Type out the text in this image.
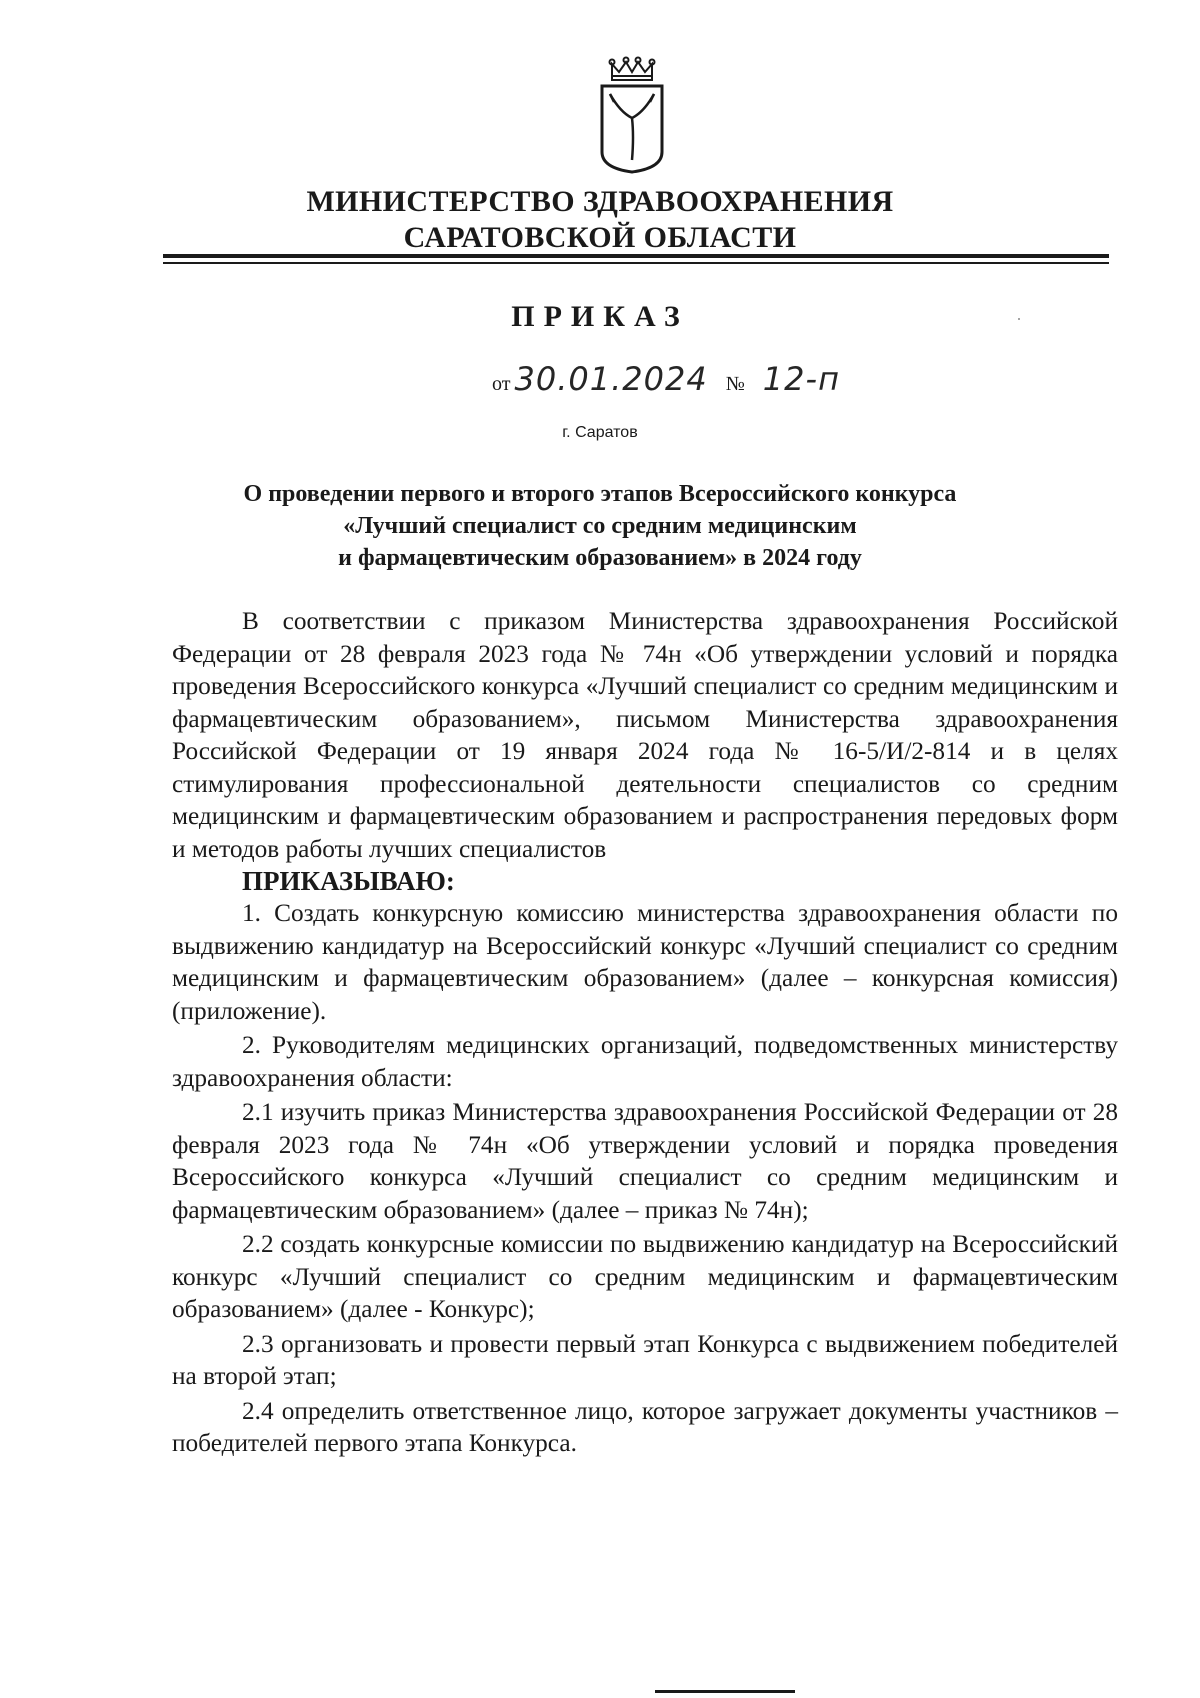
МИНИСТЕРСТВО ЗДРАВООХРАНЕНИЯ
САРАТОВСКОЙ ОБЛАСТИ
ПРИКАЗ
от 30.01.2024 № 12-п
г. Саратов
О проведении первого и второго этапов Всероссийского конкурса
«Лучший специалист со средним медицинским
и фармацевтическим образованием» в 2024 году

В соответствии с приказом Министерства здравоохранения Российской Федерации от 28 февраля 2023 года № 74н «Об утверждении условий и порядка проведения Всероссийского конкурса «Лучший специалист со средним медицинским и фармацевтическим образованием», письмом Министерства здравоохранения Российской Федерации от 19 января 2024 года № 16-5/И/2-814 и в целях стимулирования профессиональной деятельности специалистов со средним медицинским и фармацевтическим образованием и распространения передовых форм и методов работы лучших специалистов

ПРИКАЗЫВАЮ:

1. Создать конкурсную комиссию министерства здравоохранения области по выдвижению кандидатур на Всероссийский конкурс «Лучший специалист со средним медицинским и фармацевтическим образованием» (далее – конкурсная комиссия) (приложение).

2. Руководителям медицинских организаций, подведомственных министерству здравоохранения области:

2.1 изучить приказ Министерства здравоохранения Российской Федерации от 28 февраля 2023 года № 74н «Об утверждении условий и порядка проведения Всероссийского конкурса «Лучший специалист со средним медицинским и фармацевтическим образованием» (далее – приказ № 74н);

2.2 создать конкурсные комиссии по выдвижению кандидатур на Всероссийский конкурс «Лучший специалист со средним медицинским и фармацевтическим образованием» (далее - Конкурс);

2.3 организовать и провести первый этап Конкурса с выдвижением победителей на второй этап;

2.4 определить ответственное лицо, которое загружает документы участников – победителей первого этапа Конкурса.
